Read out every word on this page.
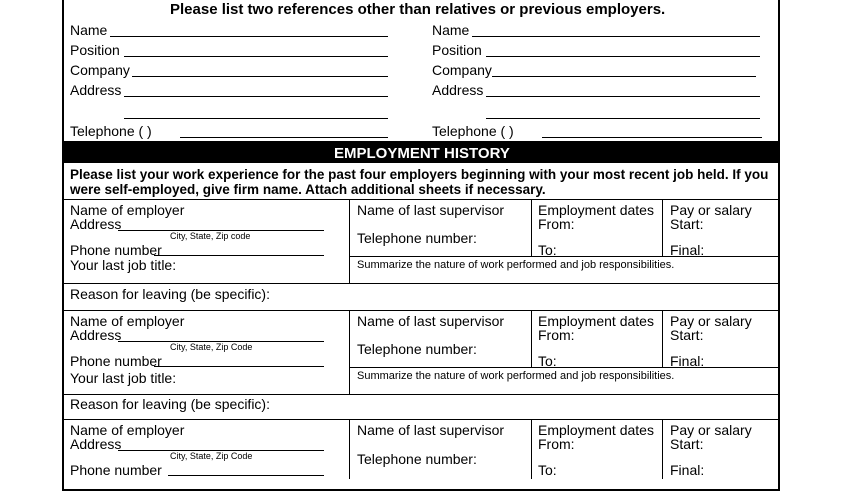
Please list two references other than relatives or previous employers.
Name
Position
Company
Address
Telephone ( )
Name
Position
Company
Address
Telephone ( )
EMPLOYMENT HISTORY
Please list your work experience for the past four employers beginning with your most recent job held. If you
were self-employed, give firm name. Attach additional sheets if necessary.
Name of employer
Address
City, State, Zip code
Phone number
Your last job title:
Name of last supervisor
Telephone number:
Employment dates
From:
To:
Pay or salary
Start:
Final:
Summarize the nature of work performed and job responsibilities.
Reason for leaving (be specific):
Name of employer
Address
City, State, Zip Code
Phone number
Your last job title:
Name of last supervisor
Telephone number:
Employment dates
From:
To:
Pay or salary
Start:
Final:
Summarize the nature of work performed and job responsibilities.
Reason for leaving (be specific):
Name of employer
Address
City, State, Zip Code
Phone number
Name of last supervisor
Telephone number:
Employment dates
From:
To:
Pay or salary
Start:
Final:
